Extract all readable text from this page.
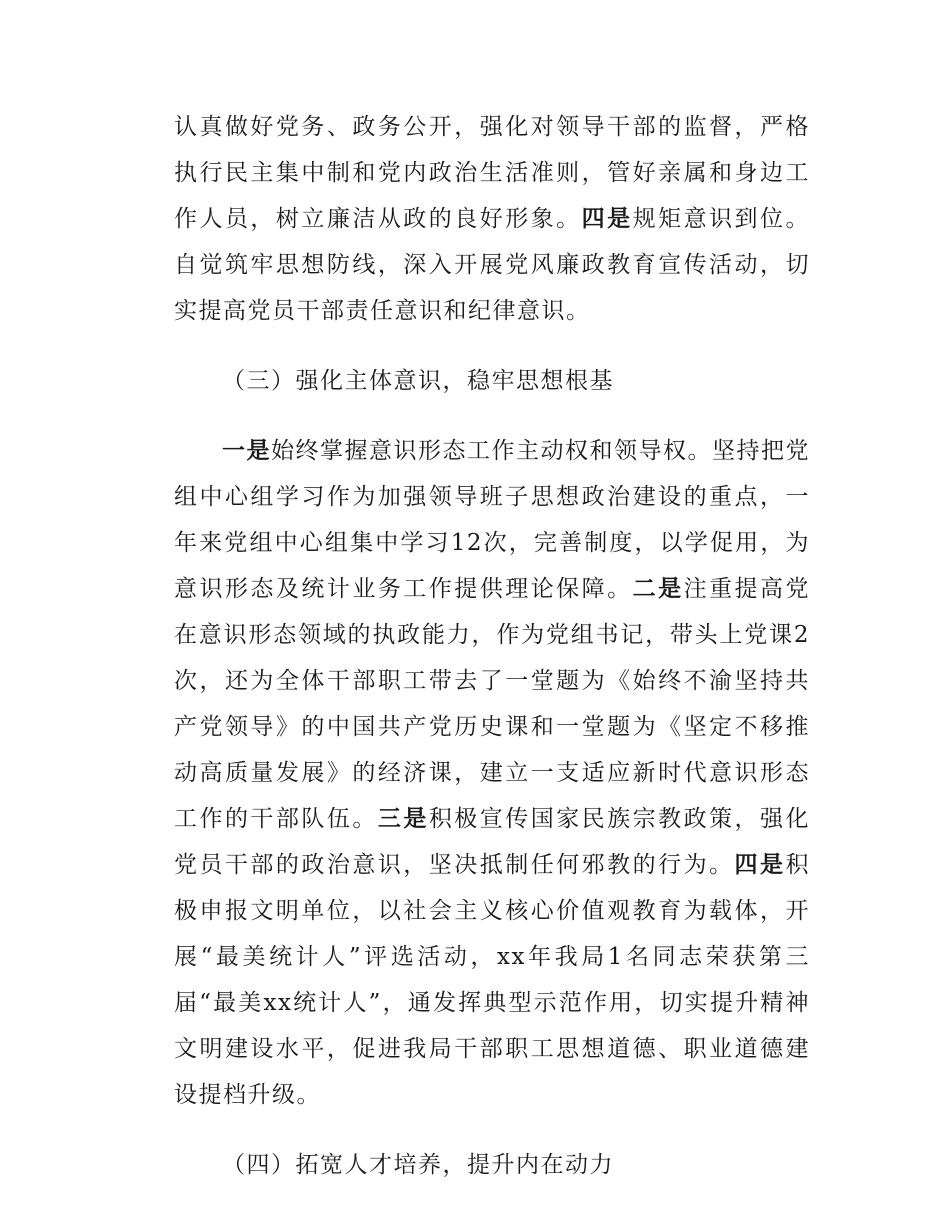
认真做好党务、政务公开，强化对领导干部的监督，严格执行民主集中制和党内政治生活准则，管好亲属和身边工作人员，树立廉洁从政的良好形象。四是规矩意识到位。自觉筑牢思想防线，深入开展党风廉政教育宣传活动，切实提高党员干部责任意识和纪律意识。

（三）强化主体意识，稳牢思想根基

一是始终掌握意识形态工作主动权和领导权。坚持把党组中心组学习作为加强领导班子思想政治建设的重点，一年来党组中心组集中学习12次，完善制度，以学促用，为意识形态及统计业务工作提供理论保障。二是注重提高党在意识形态领域的执政能力，作为党组书记，带头上党课2次，还为全体干部职工带去了一堂题为《始终不渝坚持共产党领导》的中国共产党历史课和一堂题为《坚定不移推动高质量发展》的经济课，建立一支适应新时代意识形态工作的干部队伍。三是积极宣传国家民族宗教政策，强化党员干部的政治意识，坚决抵制任何邪教的行为。四是积极申报文明单位，以社会主义核心价值观教育为载体，开展“最美统计人”评选活动，xx年我局1名同志荣获第三届“最美xx统计人”，通发挥典型示范作用，切实提升精神文明建设水平，促进我局干部职工思想道德、职业道德建设提档升级。

（四）拓宽人才培养，提升内在动力
